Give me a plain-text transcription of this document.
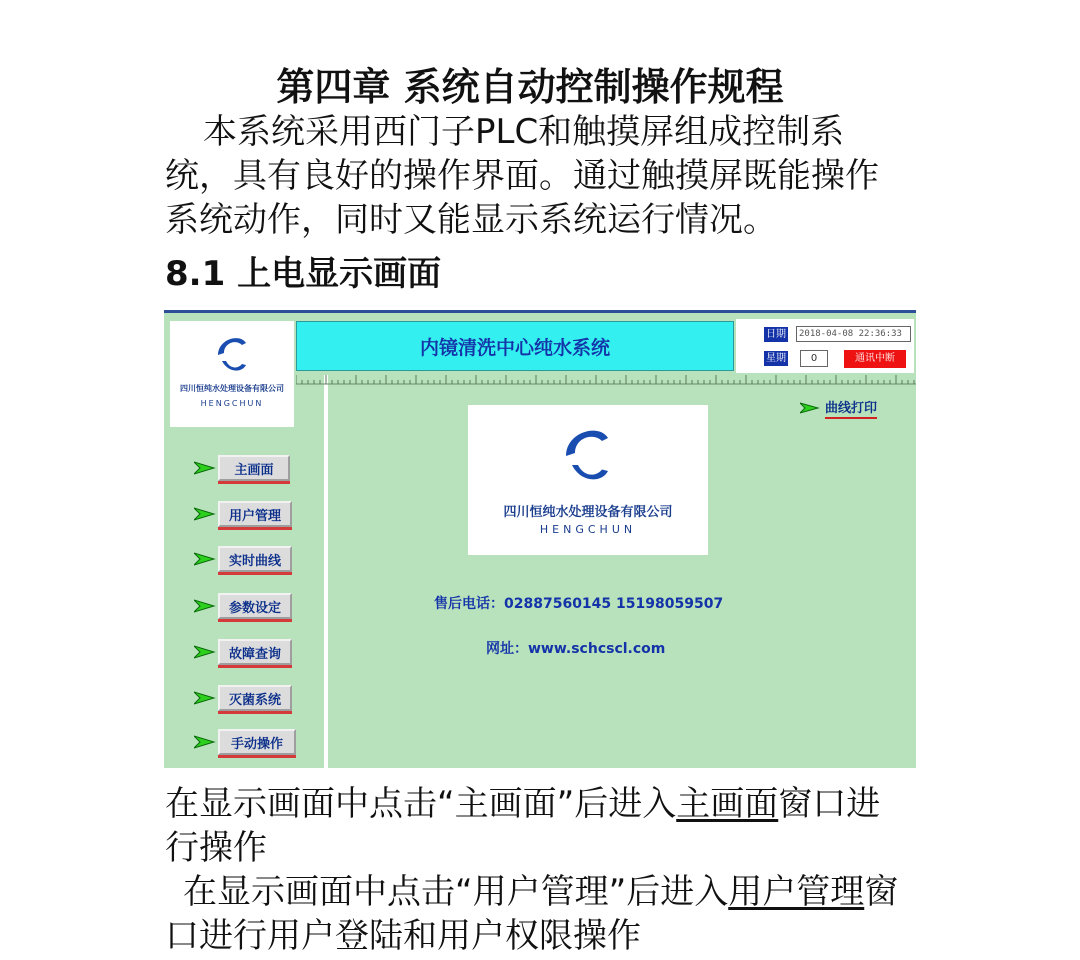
第四章 系统自动控制操作规程
本系统采用西门子PLC和触摸屏组成控制系统，具有良好的操作界面。通过触摸屏既能操作系统动作，同时又能显示系统运行情况。
8.1 上电显示画面
四川恒纯水处理设备有限公司
HENGCHUN
内镜清洗中心纯水系统
日期	2018-04-08 22:36:33
星期	0	通讯中断
曲线打印
主画面
用户管理
实时曲线
参数设定
故障查询
灭菌系统
手动操作
四川恒纯水处理设备有限公司
HENGCHUN
售后电话：02887560145 15198059507
网址：www.schcscl.com
在显示画面中点击“主画面”后进入主画面窗口进行操作
在显示画面中点击“用户管理”后进入用户管理窗口进行用户登陆和用户权限操作
